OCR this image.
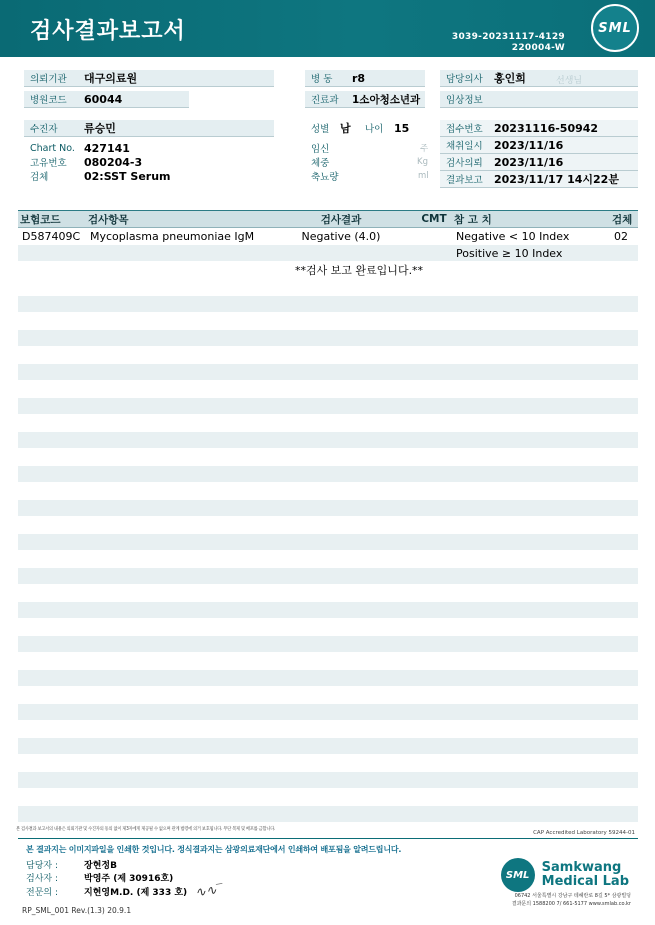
검사결과보고서	3039-20231117-4129
220004-W
SML
의뢰기관 대구의료원
병원코드 60044
수진자 류승민
Chart No. 427141
고유번호 080204-3
검체	02:SST Serum
병 동 r8
진료과 1소아청소년과
성별 남 나이 15
임신	주
체중	Kg
축뇨량	ml
담당의사 홍인희	선생님
임상정보
접수번호 20231116-50942
채취일시 2023/11/16
검사의뢰 2023/11/16
결과보고 2023/11/17 14시22분
보험코드	검사항목	검사결과	CMT	참 고 치	검체
D587409C	Mycoplasma pneumoniae IgM	Negative (4.0)		Negative < 10 Index	02
				Positive ≥ 10 Index	
		**검사 보고 완료입니다.**			

본 검사결과 보고서의 내용은 의뢰기관 및 수진자의 동의 없이 제3자에게 제공될 수 없으며 관계 법령에 의거 보호됩니다. 무단 복제 및 배포를 금합니다.
CAP Accredited Laboratory 59244-01
본 결과지는 이미지파일을 인쇄한 것입니다. 정식결과지는 삼광의료재단에서 인쇄하여 배포됨을 알려드립니다.
담당자 :	장현정B
검사자 :	박영주 (제 30916호)
전문의 :	지현영M.D. (제 333 호) ∿∿‾
SML
Samkwang
Medical Lab
06742 서울특별시 강남구 테헤란로 8길 5* 삼광빌딩
결과문의 1588200 7/ 661-5177 www.smlab.co.kr
RP_SML_001 Rev.(1.3) 20.9.1
